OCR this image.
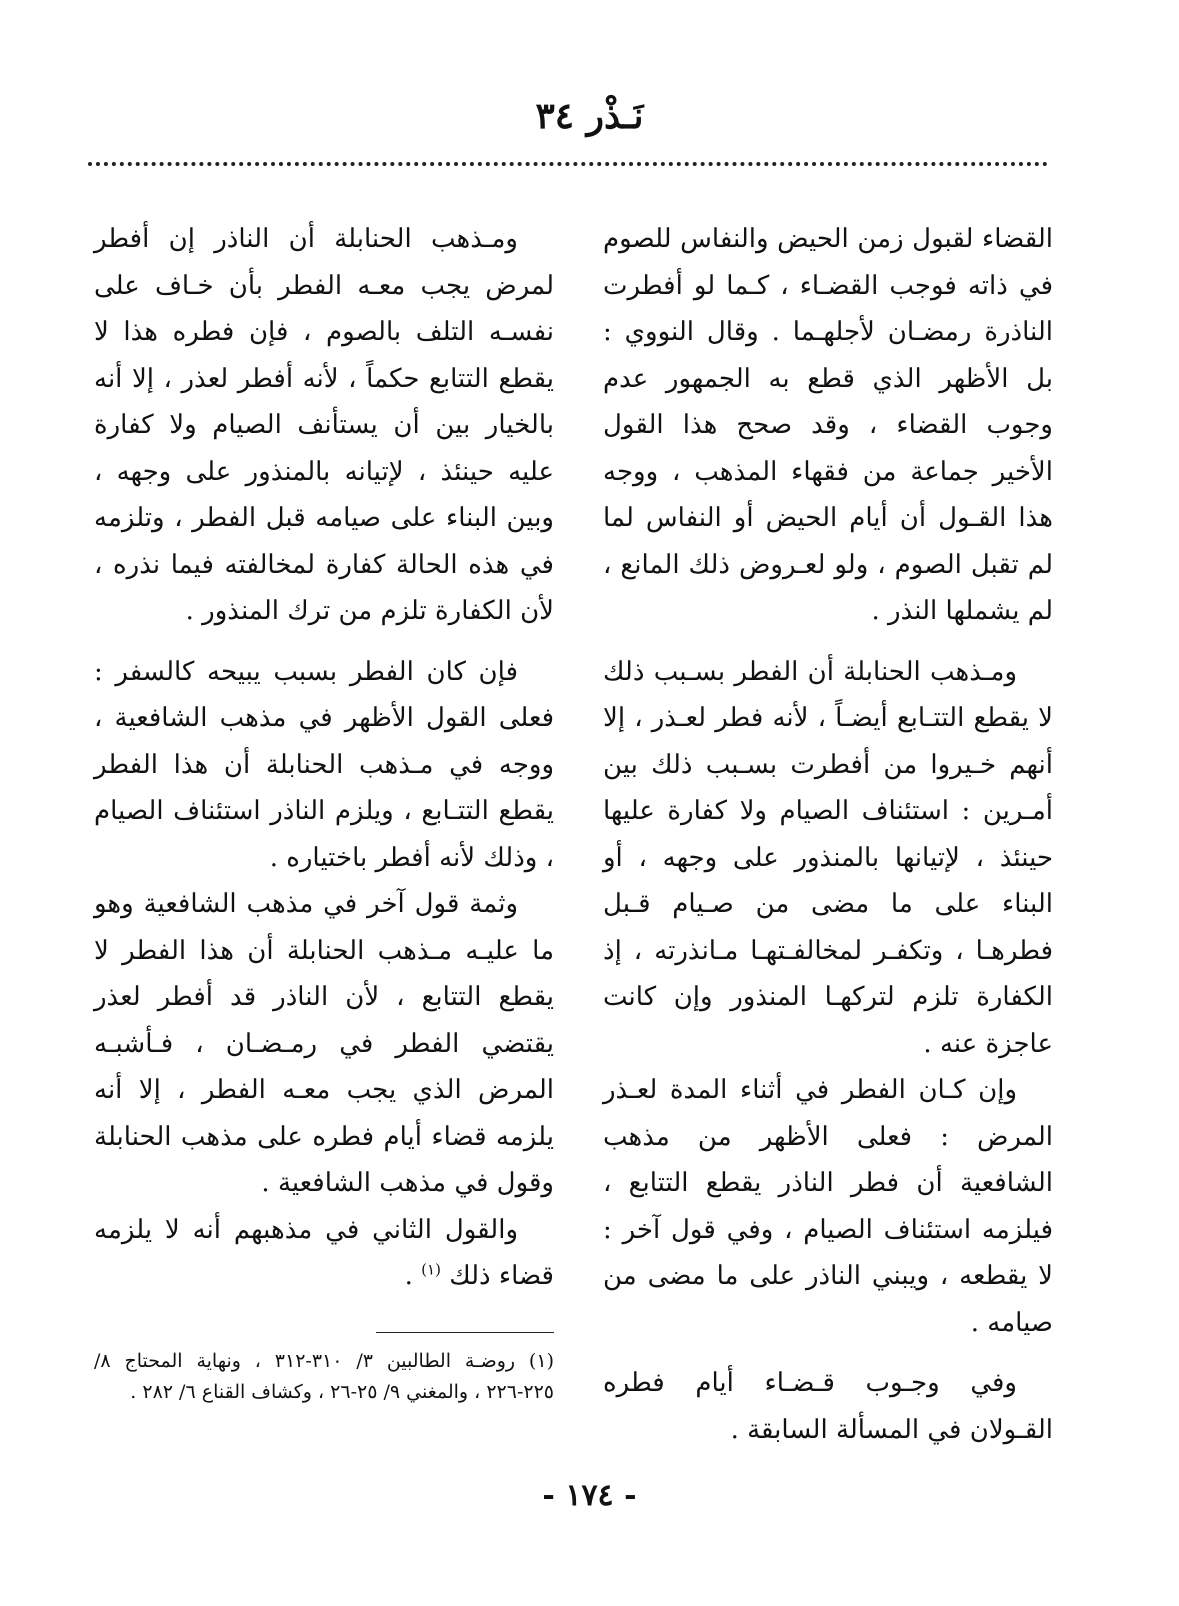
نَـذْر ٣٤

القضاء لقبول زمن الحيض والنفاس للصوم في ذاته فوجب القضـاء ، كـما لو أفطرت الناذرة رمضـان لأجلهـما . وقال النووي : بل الأظهر الذي قطع به الجمهور عدم وجوب القضاء ، وقد صحح هذا القول الأخير جماعة من فقهاء المذهب ، ووجه هذا القـول أن أيام الحيض أو النفاس لما لم تقبل الصوم ، ولو لعـروض ذلك المانع ، لم يشملها النذر .

ومـذهب الحنابلة أن الفطر بسـبب ذلك لا يقطع التتـابع أيضـاً ، لأنه فطر لعـذر ، إلا أنهم خـيروا من أفطرت بسـبب ذلك بين أمـرين : استئناف الصيام ولا كفارة عليها حينئذ ، لإتيانها بالمنذور على وجهه ، أو البناء على ما مضى من صـيام قـبل فطرهـا ، وتكفـر لمخالفـتهـا مـانذرته ، إذ الكفارة تلزم لتركهـا المنذور وإن كانت عاجزة عنه .

وإن كـان الفطر في أثناء المدة لعـذر المرض : فعلى الأظهر من مذهب الشافعية أن فطر الناذر يقطع التتابع ، فيلزمه استئناف الصيام ، وفي قول آخر : لا يقطعه ، ويبني الناذر على ما مضى من صيامه .

وفي وجـوب قـضـاء أيام فطره القـولان في المسألة السابقة .

ومـذهب الحنابلة أن الناذر إن أفطر لمرض يجب معـه الفطر بأن خـاف على نفسـه التلف بالصوم ، فإن فطره هذا لا يقطع التتابع حكماً ، لأنه أفطر لعذر ، إلا أنه بالخيار بين أن يستأنف الصيام ولا كفارة عليه حينئذ ، لإتيانه بالمنذور على وجهه ، وبين البناء على صيامه قبل الفطر ، وتلزمه في هذه الحالة كفارة لمخالفته فيما نذره ، لأن الكفارة تلزم من ترك المنذور .

فإن كان الفطر بسبب يبيحه كالسفر : فعلى القول الأظهر في مذهب الشافعية ، ووجه في مـذهب الحنابلة أن هذا الفطر يقطع التتـابع ، ويلزم الناذر استئناف الصيام ، وذلك لأنه أفطر باختياره .

وثمة قول آخر في مذهب الشافعية وهو ما عليـه مـذهب الحنابلة أن هذا الفطر لا يقطع التتابع ، لأن الناذر قد أفطر لعذر يقتضي الفطر في رمـضـان ، فـأشبـه المرض الذي يجب معـه الفطر ، إلا أنه يلزمه قضاء أيام فطره على مذهب الحنابلة وقول في مذهب الشافعية .

والقول الثاني في مذهبهم أنه لا يلزمه قضاء ذلك $^{(١)}$ .

(١) روضـة الطالبين ٣/ ٣١٠-٣١٢ ، ونهاية المحتاج ٨/ ٢٢٥-٢٢٦ ، والمغني ٩/ ٢٥-٢٦ ، وكشاف القناع ٦/ ٢٨٢ .
- ١٧٤ -
